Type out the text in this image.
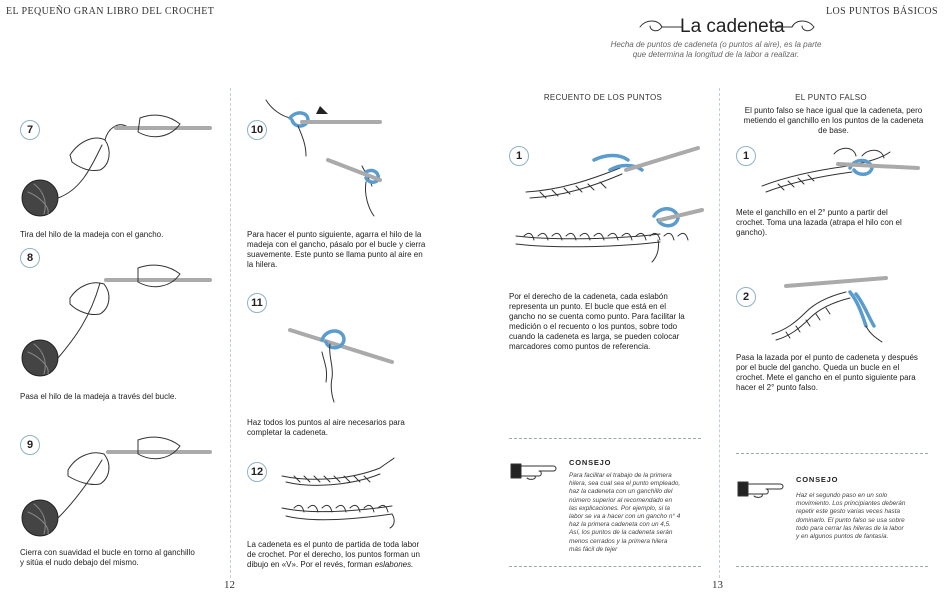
EL PEQUEÑO GRAN LIBRO DEL CROCHET	LOS PUNTOS BÁSICOS
La cadeneta
Hecha de puntos de cadeneta (o puntos al aire), es la parte
que determina la longitud de la labor a realizar.
7
Tira del hilo de la madeja con el gancho.
8
Pasa el hilo de la madeja a través del bucle.
9
Cierra con suavidad el bucle en torno al ganchillo
y sitúa el nudo debajo del mismo.
12
10
Para hacer el punto siguiente, agarra el hilo de la
madeja con el gancho, pásalo por el bucle y cierra
suavemente. Este punto se llama punto al aire en
la hilera.
11
Haz todos los puntos al aire necesarios para
completar la cadeneta.
12
La cadeneta es el punto de partida de toda labor
de crochet. Por el derecho, los puntos forman un
dibujo en «V». Por el revés, forman eslabones.
RECUENTO DE LOS PUNTOS
1
Por el derecho de la cadeneta, cada eslabón
representa un punto. El bucle que está en el
gancho no se cuenta como punto. Para facilitar la
medición o el recuento o los puntos, sobre todo
cuando la cadeneta es larga, se pueden colocar
marcadores como puntos de referencia.
CONSEJO
Para facilitar el trabajo de la primera
hilera, sea cual sea el punto empleado,
haz la cadeneta con un ganchillo del
número superior al recomendado en
las explicaciones. Por ejemplo, si la
labor se va a hacer con un gancho n° 4
haz la primera cadeneta con un 4,5.
Así, los puntos de la cadeneta serán
menos cerrados y la primera hilera
más fácil de tejer
13
EL PUNTO FALSO
El punto falso se hace igual que la cadeneta, pero
metiendo el ganchillo en los puntos de la cadeneta
de base.
1
Mete el ganchillo en el 2° punto a partir del
crochet. Toma una lazada (atrapa el hilo con el
gancho).
2
Pasa la lazada por el punto de cadeneta y después
por el bucle del gancho. Queda un bucle en el
crochet. Mete el gancho en el punto siguiente para
hacer el 2° punto falso.
CONSEJO
Haz el segundo paso en un solo
movimiento. Los principiantes deberán
repetir este gesto varias veces hasta
dominarlo. El punto falso se usa sobre
todo para cerrar las hileras de la labor
y en algunos puntos de fantasía.
